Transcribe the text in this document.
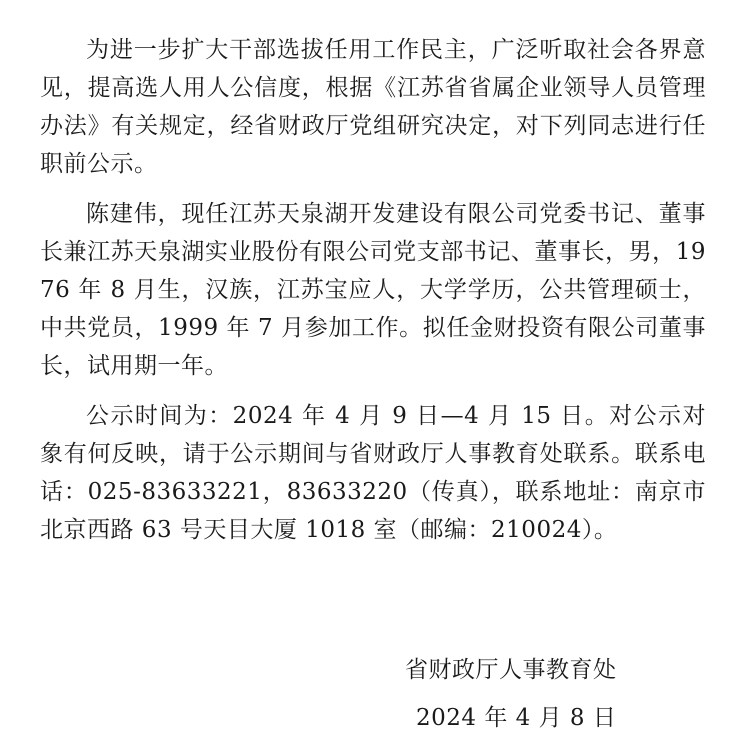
为进一步扩大干部选拔任用工作民主，广泛听取社会各界意见，提高选人用人公信度，根据《江苏省省属企业领导人员管理办法》有关规定，经省财政厅党组研究决定，对下列同志进行任职前公示。

陈建伟，现任江苏天泉湖开发建设有限公司党委书记、董事长兼江苏天泉湖实业股份有限公司党支部书记、董事长，男，1976 年 8 月生，汉族，江苏宝应人，大学学历，公共管理硕士，中共党员，1999 年 7 月参加工作。拟任金财投资有限公司董事长，试用期一年。

公示时间为：2024 年 4 月 9 日—4 月 15 日。对公示对象有何反映，请于公示期间与省财政厅人事教育处联系。联系电话：025-83633221，83633220（传真），联系地址：南京市北京西路 63 号天目大厦 1018 室（邮编：210024）。

省财政厅人事教育处
2024 年 4 月 8 日
